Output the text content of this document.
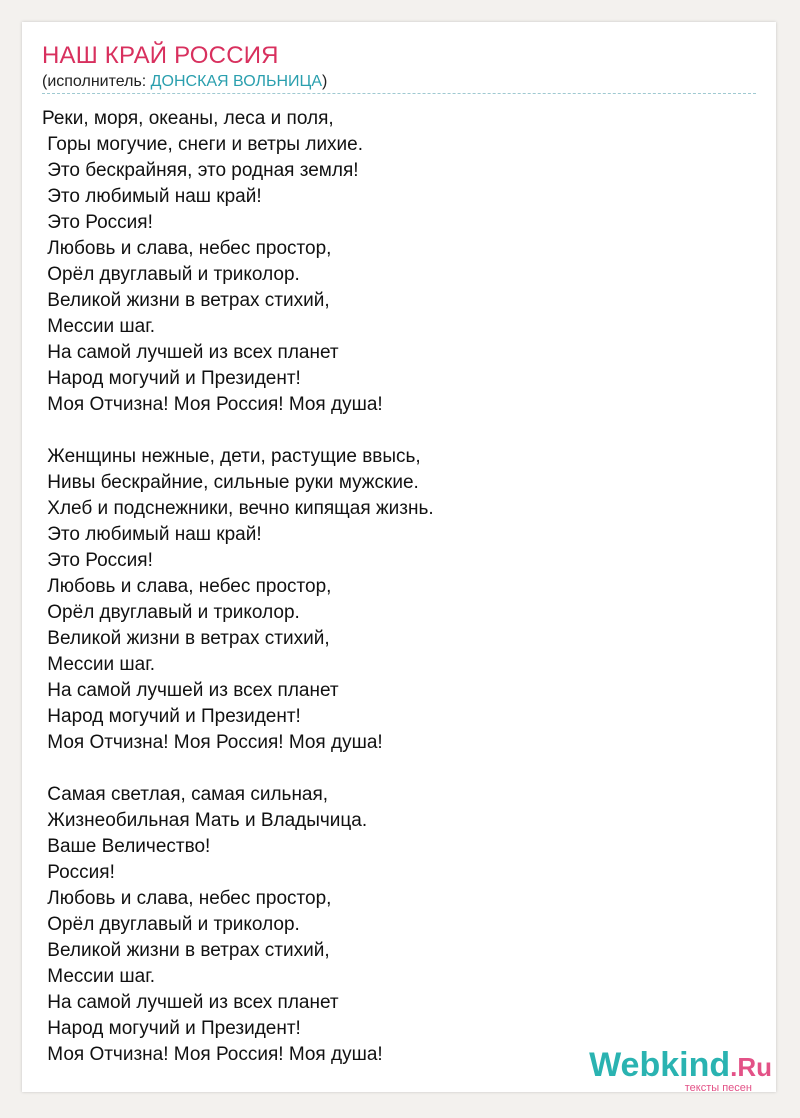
НАШ КРАЙ РОССИЯ
(исполнитель: ДОНСКАЯ ВОЛЬНИЦА)
Реки, моря, океаны, леса и поля,
Горы могучие, снеги и ветры лихие.
Это бескрайняя, это родная земля!
Это любимый наш край!
Это Россия!
Любовь и слава, небес простор,
Орёл двуглавый и триколор.
Великой жизни в ветрах стихий,
Мессии шаг.
На самой лучшей из всех планет
Народ могучий и Президент!
Моя Отчизна! Моя Россия! Моя душа!
Женщины нежные, дети, растущие ввысь,
Нивы бескрайние, сильные руки мужские.
Хлеб и подснежники, вечно кипящая жизнь.
Это любимый наш край!
Это Россия!
Любовь и слава, небес простор,
Орёл двуглавый и триколор.
Великой жизни в ветрах стихий,
Мессии шаг.
На самой лучшей из всех планет
Народ могучий и Президент!
Моя Отчизна! Моя Россия! Моя душа!
Самая светлая, самая сильная,
Жизнеобильная Мать и Владычица.
Ваше Величество!
Россия!
Любовь и слава, небес простор,
Орёл двуглавый и триколор.
Великой жизни в ветрах стихий,
Мессии шаг.
На самой лучшей из всех планет
Народ могучий и Президент!
Моя Отчизна! Моя Россия! Моя душа!	Webkind.Ru
тексты песен
